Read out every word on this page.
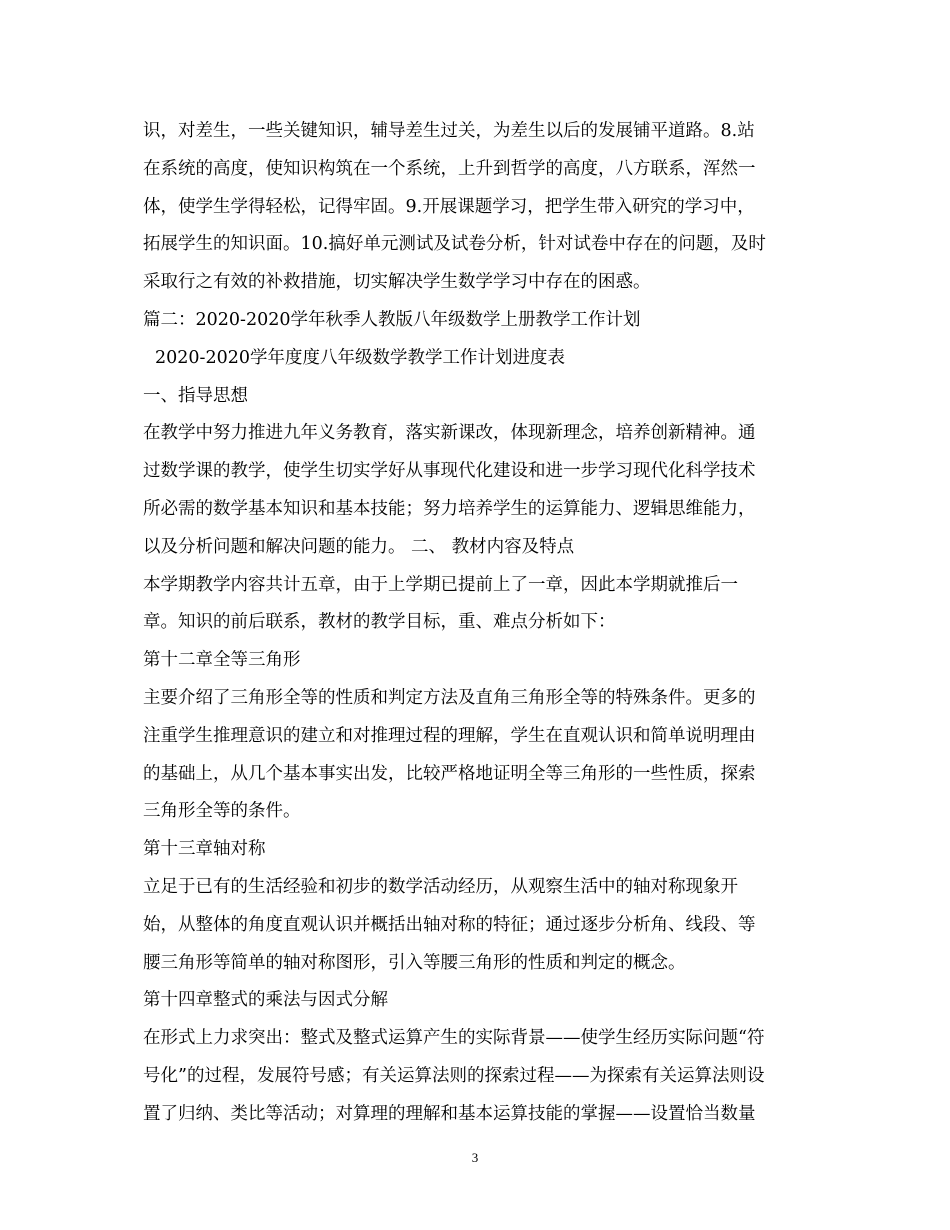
识，对差生，一些关键知识，辅导差生过关，为差生以后的发展铺平道路。8.站
在系统的高度，使知识构筑在一个系统，上升到哲学的高度，八方联系，浑然一
体，使学生学得轻松，记得牢固。9.开展课题学习，把学生带入研究的学习中，
拓展学生的知识面。10.搞好单元测试及试卷分析，针对试卷中存在的问题，及时
采取行之有效的补救措施，切实解决学生数学学习中存在的困惑。
篇二：2020-2020学年秋季人教版八年级数学上册教学工作计划
2020-2020学年度度八年级数学教学工作计划进度表
一、指导思想
在教学中努力推进九年义务教育，落实新课改，体现新理念，培养创新精神。通
过数学课的教学，使学生切实学好从事现代化建设和进一步学习现代化科学技术
所必需的数学基本知识和基本技能；努力培养学生的运算能力、逻辑思维能力，
以及分析问题和解决问题的能力。 二、 教材内容及特点
本学期教学内容共计五章，由于上学期已提前上了一章，因此本学期就推后一
章。知识的前后联系，教材的教学目标，重、难点分析如下：
第十二章全等三角形
主要介绍了三角形全等的性质和判定方法及直角三角形全等的特殊条件。更多的
注重学生推理意识的建立和对推理过程的理解，学生在直观认识和简单说明理由
的基础上，从几个基本事实出发，比较严格地证明全等三角形的一些性质，探索
三角形全等的条件。
第十三章轴对称
立足于已有的生活经验和初步的数学活动经历，从观察生活中的轴对称现象开
始，从整体的角度直观认识并概括出轴对称的特征；通过逐步分析角、线段、等
腰三角形等简单的轴对称图形，引入等腰三角形的性质和判定的概念。
第十四章整式的乘法与因式分解
在形式上力求突出：整式及整式运算产生的实际背景——使学生经历实际问题“符
号化”的过程，发展符号感；有关运算法则的探索过程——为探索有关运算法则设
置了归纳、类比等活动；对算理的理解和基本运算技能的掌握——设置恰当数量
3
